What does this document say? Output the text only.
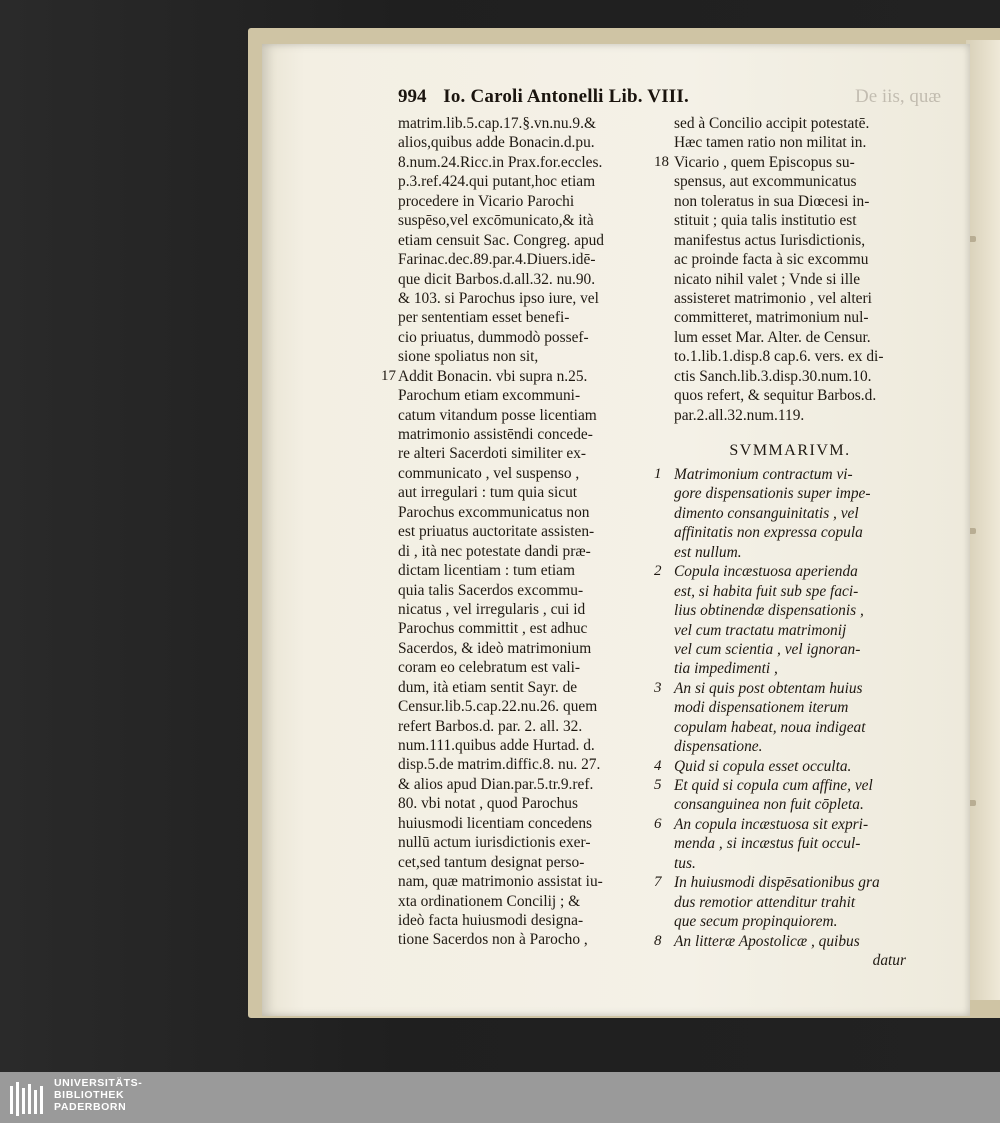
994 Io. Caroli Antonelli Lib. VIII.	De iis, quæ
matrim.lib.5.cap.17.§.vn.nu.9.&
alios,quibus adde Bonacin.d.pu.
8.num.24.Ricc.in Prax.for.eccles.
p.3.ref.424.qui putant,hoc etiam
procedere in Vicario Parochi
suspēso,vel excōmunicato,& ità
etiam censuit Sac. Congreg. apud
Farinac.dec.89.par.4.Diuers.idē-
que dicit Barbos.d.all.32. nu.90.
& 103. si Parochus ipso iure, vel
per sententiam esset benefi-
cio priuatus, dummodò possef-
sione spoliatus non sit,
17 Addit Bonacin. vbi supra n.25.
Parochum etiam excommuni-
catum vitandum posse licentiam
matrimonio assistēndi concede-
re alteri Sacerdoti similiter ex-
communicato , vel suspenso ,
aut irregulari : tum quia sicut
Parochus excommunicatus non
est priuatus auctoritate assisten-
di , ità nec potestate dandi præ-
dictam licentiam : tum etiam
quia talis Sacerdos excommu-
nicatus , vel irregularis , cui id
Parochus committit , est adhuc
Sacerdos, & ideò matrimonium
coram eo celebratum est vali-
dum, ità etiam sentit Sayr. de
Censur.lib.5.cap.22.nu.26. quem
refert Barbos.d. par. 2. all. 32.
num.111.quibus adde Hurtad. d.
disp.5.de matrim.diffic.8. nu. 27.
& alios apud Dian.par.5.tr.9.ref.
80. vbi notat , quod Parochus
huiusmodi licentiam concedens
nullū actum iurisdictionis exer-
cet,sed tantum designat perso-
nam, quæ matrimonio assistat iu-
xta ordinationem Concilij ; &
ideò facta huiusmodi designa-
tione Sacerdos non à Parocho ,
sed à Concilio accipit potestatē.
Hæc tamen ratio non militat in.
18 Vicario , quem Episcopus su-
spensus, aut excommunicatus
non toleratus in sua Diœcesi in-
stituit ; quia talis institutio est
manifestus actus Iurisdictionis,
ac proinde facta à sic excommu
nicato nihil valet ; Vnde si ille
assisteret matrimonio , vel alteri
committeret, matrimonium nul-
lum esset Mar. Alter. de Censur.
to.1.lib.1.disp.8 cap.6. vers. ex di-
ctis Sanch.lib.3.disp.30.num.10.
quos refert, & sequitur Barbos.d.
par.2.all.32.num.119.
SVMMARIVM.
1 Matrimonium contractum vi-
gore dispensationis super impe-
dimento consanguinitatis , vel
affinitatis non expressa copula
est nullum.
2 Copula incæstuosa aperienda
est, si habita fuit sub spe faci-
lius obtinendæ dispensationis ,
vel cum tractatu matrimonij
vel cum scientia , vel ignoran-
tia impedimenti ,
3 An si quis post obtentam huius
modi dispensationem iterum
copulam habeat, noua indigeat
dispensatione.
4 Quid si copula esset occulta.
5 Et quid si copula cum affine, vel
consanguinea non fuit cōpleta.
6 An copula incæstuosa sit expri-
menda , si incæstus fuit occul-
tus.
7 In huiusmodi dispēsationibus gra
dus remotior attenditur trahit
que secum propinquiorem.
8 An litteræ Apostolicæ , quibus
datur
UNIVERSITÄTS-
BIBLIOTHEK
PADERBORN
